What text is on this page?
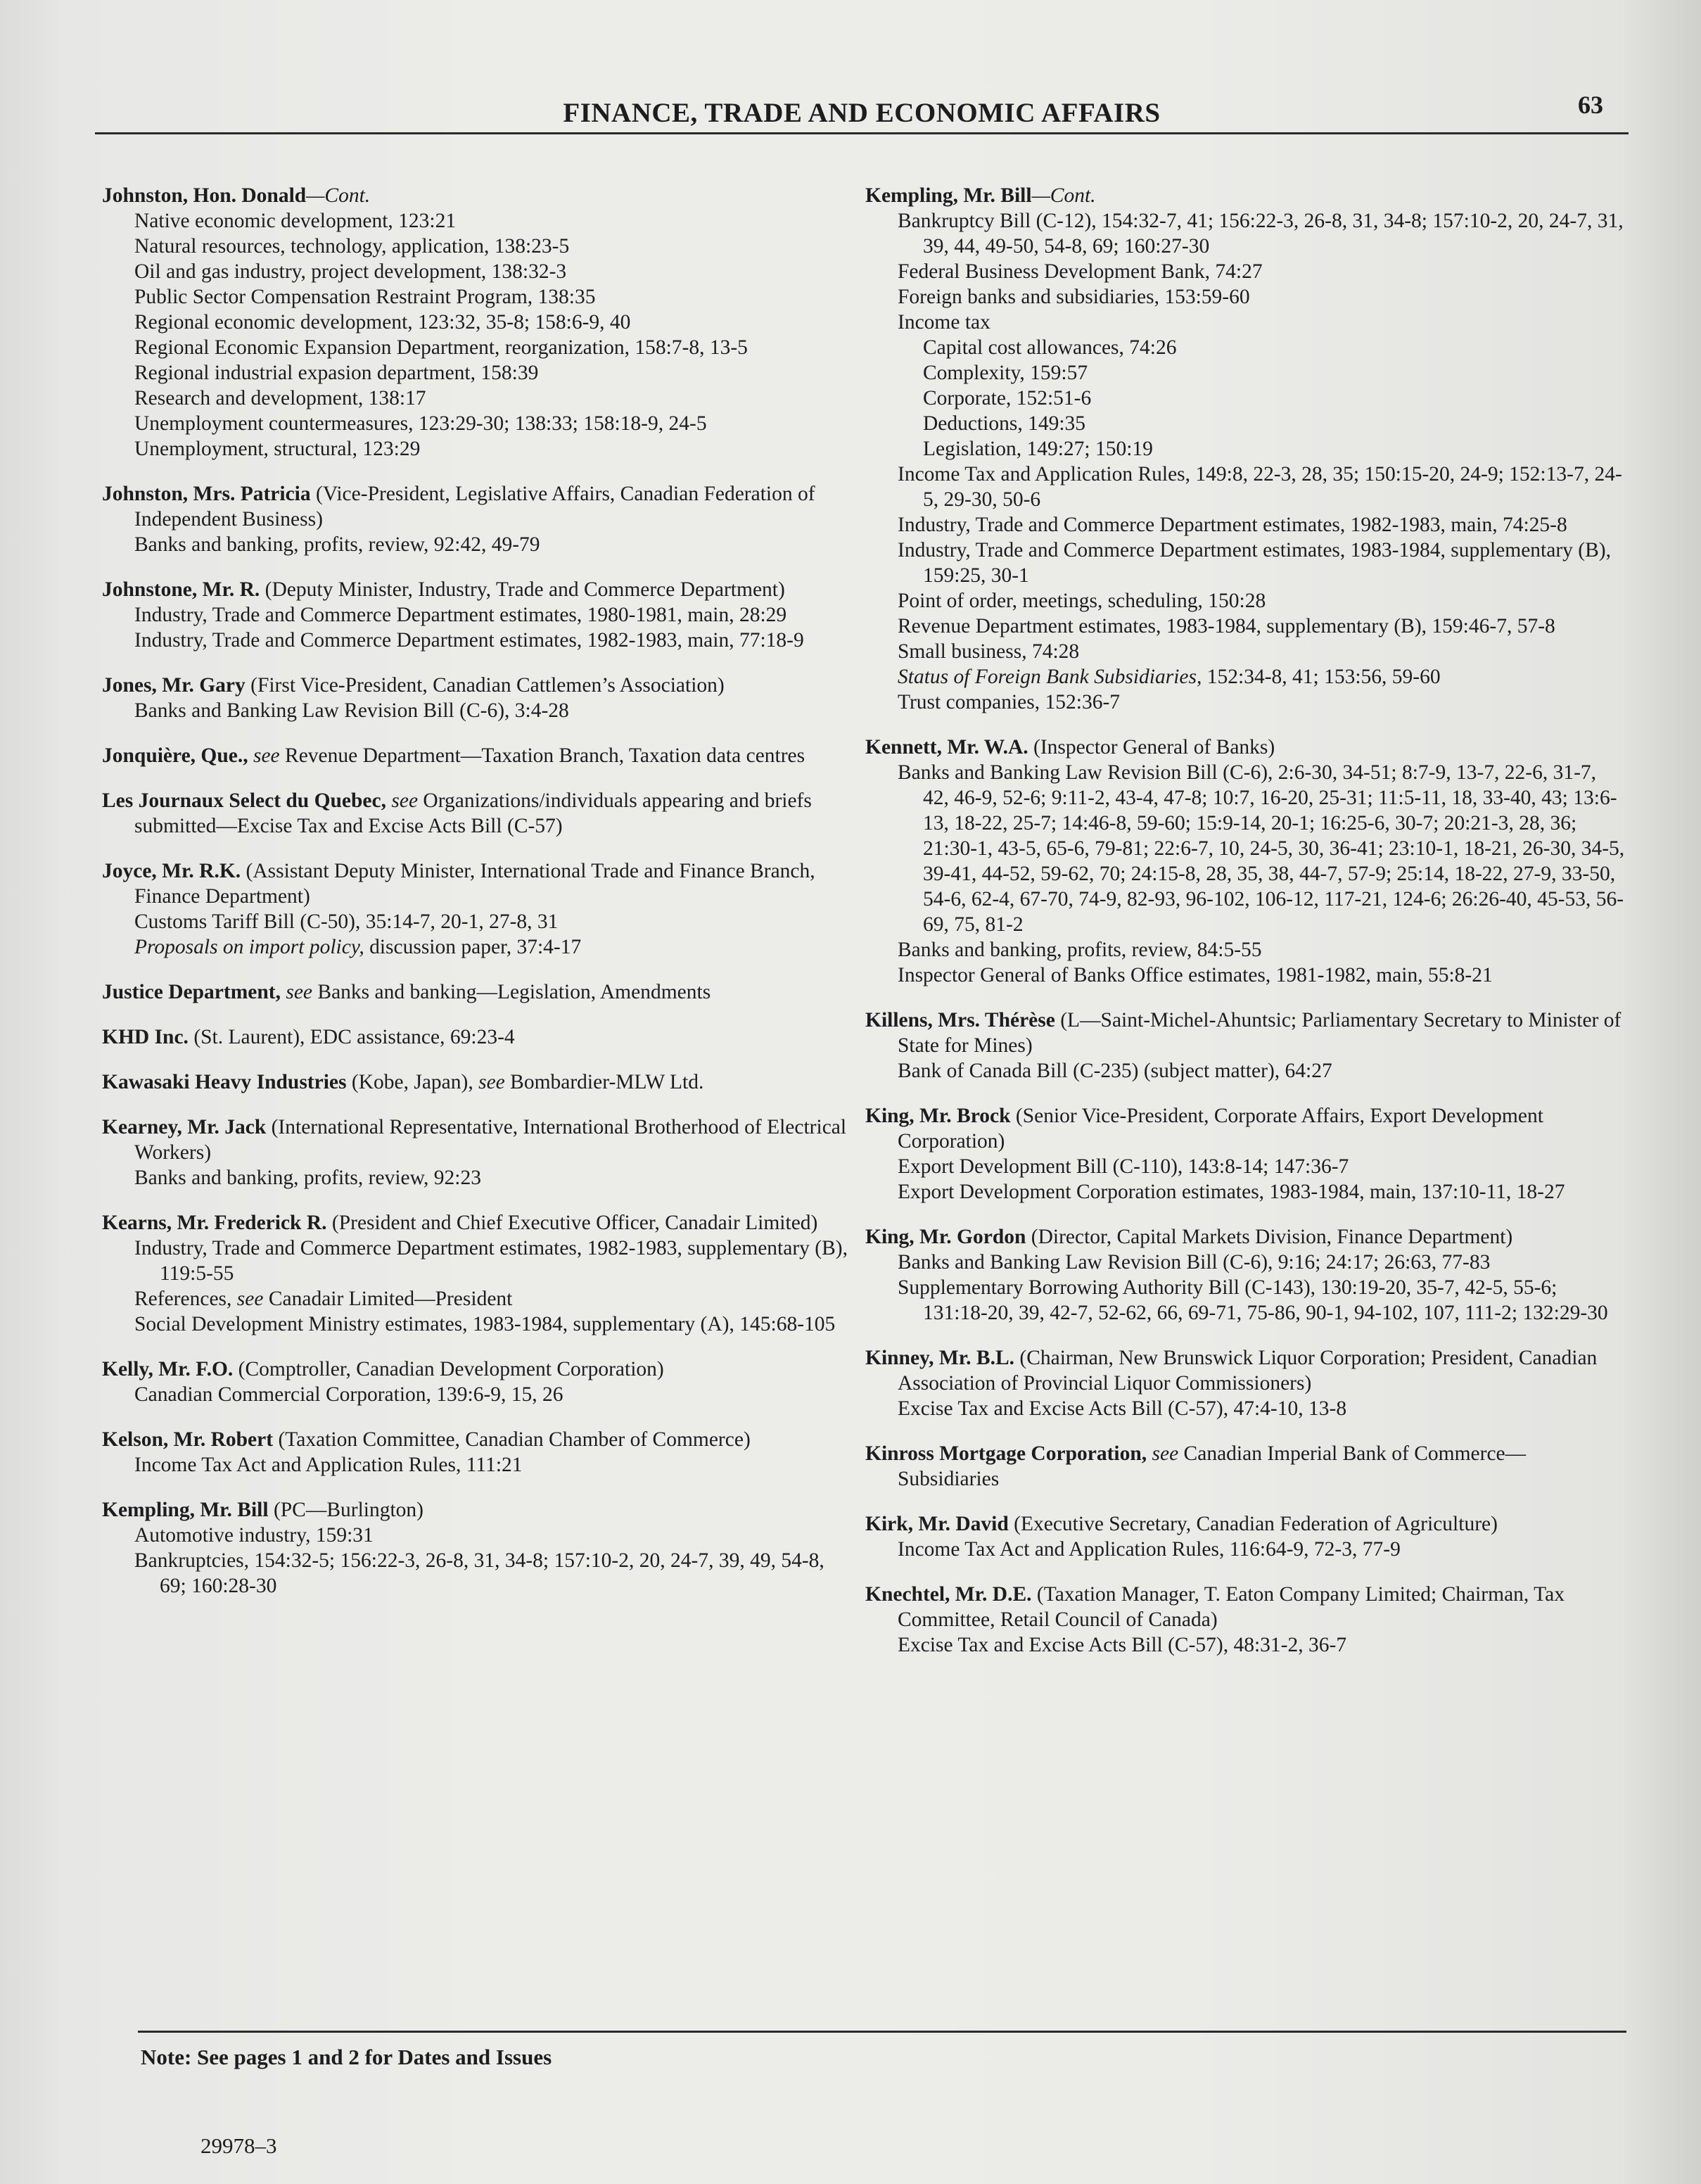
FINANCE, TRADE AND ECONOMIC AFFAIRS	63
Johnston, Hon. Donald—Cont.
Native economic development, 123:21
Natural resources, technology, application, 138:23-5
Oil and gas industry, project development, 138:32-3
Public Sector Compensation Restraint Program, 138:35
Regional economic development, 123:32, 35-8; 158:6-9, 40
Regional Economic Expansion Department, reorganization, 158:7-8, 13-5
Regional industrial expasion department, 158:39
Research and development, 138:17
Unemployment countermeasures, 123:29-30; 138:33; 158:18-9, 24-5
Unemployment, structural, 123:29
Johnston, Mrs. Patricia (Vice-President, Legislative Affairs, Canadian Federation of Independent Business)
Banks and banking, profits, review, 92:42, 49-79
Johnstone, Mr. R. (Deputy Minister, Industry, Trade and Commerce Department)
Industry, Trade and Commerce Department estimates, 1980-1981, main, 28:29
Industry, Trade and Commerce Department estimates, 1982-1983, main, 77:18-9
Jones, Mr. Gary (First Vice-President, Canadian Cattlemen’s Association)
Banks and Banking Law Revision Bill (C-6), 3:4-28
Jonquière, Que., see Revenue Department—Taxation Branch, Taxation data centres
Les Journaux Select du Quebec, see Organizations/individuals appearing and briefs submitted—Excise Tax and Excise Acts Bill (C-57)
Joyce, Mr. R.K. (Assistant Deputy Minister, International Trade and Finance Branch, Finance Department)
Customs Tariff Bill (C-50), 35:14-7, 20-1, 27-8, 31
Proposals on import policy, discussion paper, 37:4-17
Justice Department, see Banks and banking—Legislation, Amendments
KHD Inc. (St. Laurent), EDC assistance, 69:23-4
Kawasaki Heavy Industries (Kobe, Japan), see Bombardier-MLW Ltd.
Kearney, Mr. Jack (International Representative, International Brotherhood of Electrical Workers)
Banks and banking, profits, review, 92:23
Kearns, Mr. Frederick R. (President and Chief Executive Officer, Canadair Limited)
Industry, Trade and Commerce Department estimates, 1982-1983, supplementary (B), 119:5-55
References, see Canadair Limited—President
Social Development Ministry estimates, 1983-1984, supplementary (A), 145:68-105
Kelly, Mr. F.O. (Comptroller, Canadian Development Corporation)
Canadian Commercial Corporation, 139:6-9, 15, 26
Kelson, Mr. Robert (Taxation Committee, Canadian Chamber of Commerce)
Income Tax Act and Application Rules, 111:21
Kempling, Mr. Bill (PC—Burlington)
Automotive industry, 159:31
Bankruptcies, 154:32-5; 156:22-3, 26-8, 31, 34-8; 157:10-2, 20, 24-7, 39, 49, 54-8, 69; 160:28-30
Kempling, Mr. Bill—Cont.
Bankruptcy Bill (C-12), 154:32-7, 41; 156:22-3, 26-8, 31, 34-8; 157:10-2, 20, 24-7, 31, 39, 44, 49-50, 54-8, 69; 160:27-30
Federal Business Development Bank, 74:27
Foreign banks and subsidiaries, 153:59-60
Income tax
Capital cost allowances, 74:26
Complexity, 159:57
Corporate, 152:51-6
Deductions, 149:35
Legislation, 149:27; 150:19
Income Tax and Application Rules, 149:8, 22-3, 28, 35; 150:15-20, 24-9; 152:13-7, 24-5, 29-30, 50-6
Industry, Trade and Commerce Department estimates, 1982-1983, main, 74:25-8
Industry, Trade and Commerce Department estimates, 1983-1984, supplementary (B), 159:25, 30-1
Point of order, meetings, scheduling, 150:28
Revenue Department estimates, 1983-1984, supplementary (B), 159:46-7, 57-8
Small business, 74:28
Status of Foreign Bank Subsidiaries, 152:34-8, 41; 153:56, 59-60
Trust companies, 152:36-7
Kennett, Mr. W.A. (Inspector General of Banks)
Banks and Banking Law Revision Bill (C-6), 2:6-30, 34-51; 8:7-9, 13-7, 22-6, 31-7, 42, 46-9, 52-6; 9:11-2, 43-4, 47-8; 10:7, 16-20, 25-31; 11:5-11, 18, 33-40, 43; 13:6-13, 18-22, 25-7; 14:46-8, 59-60; 15:9-14, 20-1; 16:25-6, 30-7; 20:21-3, 28, 36; 21:30-1, 43-5, 65-6, 79-81; 22:6-7, 10, 24-5, 30, 36-41; 23:10-1, 18-21, 26-30, 34-5, 39-41, 44-52, 59-62, 70; 24:15-8, 28, 35, 38, 44-7, 57-9; 25:14, 18-22, 27-9, 33-50, 54-6, 62-4, 67-70, 74-9, 82-93, 96-102, 106-12, 117-21, 124-6; 26:26-40, 45-53, 56-69, 75, 81-2
Banks and banking, profits, review, 84:5-55
Inspector General of Banks Office estimates, 1981-1982, main, 55:8-21
Killens, Mrs. Thérèse (L—Saint-Michel-Ahuntsic; Parliamentary Secretary to Minister of State for Mines)
Bank of Canada Bill (C-235) (subject matter), 64:27
King, Mr. Brock (Senior Vice-President, Corporate Affairs, Export Development Corporation)
Export Development Bill (C-110), 143:8-14; 147:36-7
Export Development Corporation estimates, 1983-1984, main, 137:10-11, 18-27
King, Mr. Gordon (Director, Capital Markets Division, Finance Department)
Banks and Banking Law Revision Bill (C-6), 9:16; 24:17; 26:63, 77-83
Supplementary Borrowing Authority Bill (C-143), 130:19-20, 35-7, 42-5, 55-6; 131:18-20, 39, 42-7, 52-62, 66, 69-71, 75-86, 90-1, 94-102, 107, 111-2; 132:29-30
Kinney, Mr. B.L. (Chairman, New Brunswick Liquor Corporation; President, Canadian Association of Provincial Liquor Commissioners)
Excise Tax and Excise Acts Bill (C-57), 47:4-10, 13-8
Kinross Mortgage Corporation, see Canadian Imperial Bank of Commerce—Subsidiaries
Kirk, Mr. David (Executive Secretary, Canadian Federation of Agriculture)
Income Tax Act and Application Rules, 116:64-9, 72-3, 77-9
Knechtel, Mr. D.E. (Taxation Manager, T. Eaton Company Limited; Chairman, Tax Committee, Retail Council of Canada)
Excise Tax and Excise Acts Bill (C-57), 48:31-2, 36-7
Note: See pages 1 and 2 for Dates and Issues
29978–3
